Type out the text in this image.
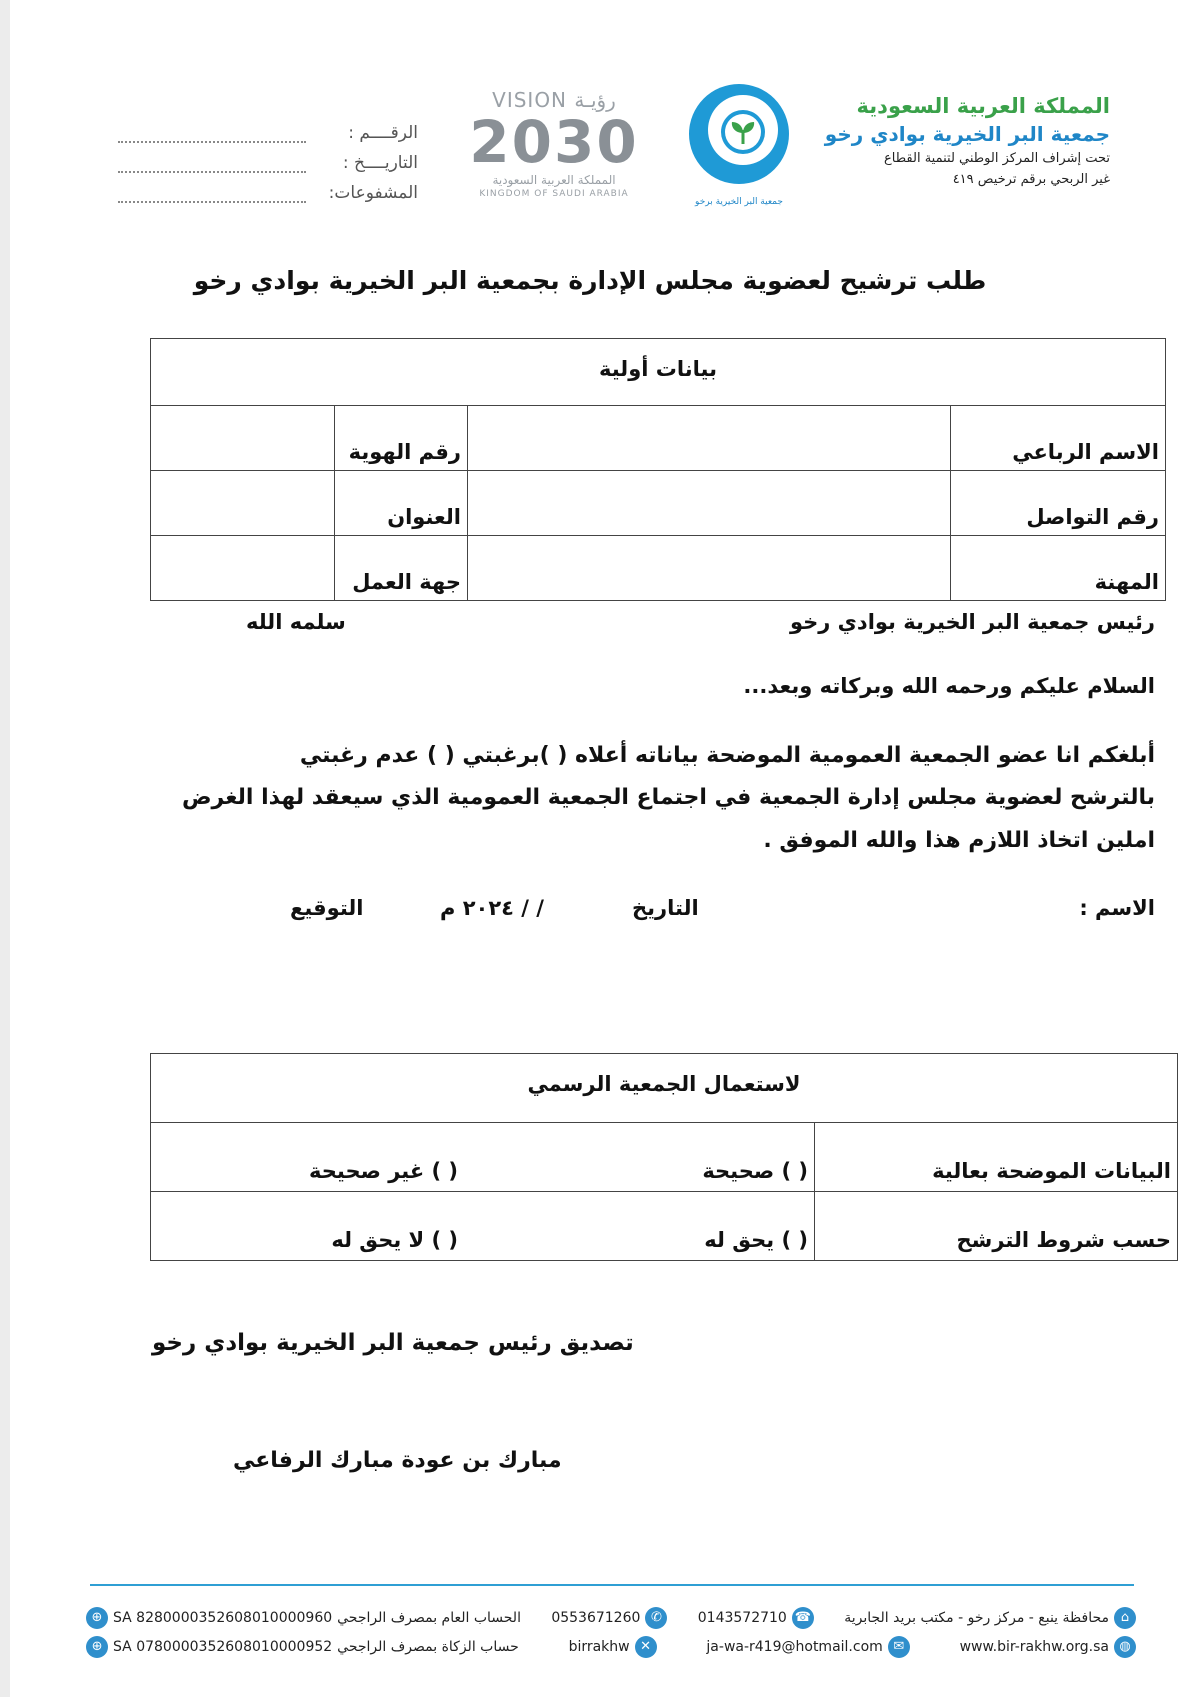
المملكة العربية السعودية
جمعية البر الخيرية بوادي رخو
تحت إشراف المركز الوطني لتنمية القطاع
غير الربحي برقم ترخيص ٤١٩
جمعية البر الخيرية برخو
VISION رؤيـة
2030
المملكة العربية السعودية
KINGDOM OF SAUDI ARABIA
الرقــــم :
التاريــــخ :
المشفوعات:
طلب ترشيح لعضوية مجلس الإدارة بجمعية البر الخيرية بوادي رخو
بيانات أولية			
الاسم الرباعي		رقم الهوية	
رقم التواصل		العنوان	
المهنة		جهة العمل	
رئيس جمعية البر الخيرية بوادي رخو
سلمه الله
السلام عليكم ورحمه الله وبركاته وبعد...
أبلغكم انا عضو الجمعية العمومية الموضحة بياناته أعلاه ( )برغبتي ( ) عدم رغبتي
بالترشح لعضوية مجلس إدارة الجمعية في اجتماع الجمعية العمومية الذي سيعقد لهذا الغرض
املين اتخاذ اللازم هذا والله الموفق .
الاسم :
التاريخ
/ / ٢٠٢٤ م
التوقيع
لاستعمال الجمعية الرسمي		
البيانات الموضحة بعالية	( ) صحيحة	( ) غير صحيحة
حسب شروط الترشح	( ) يحق له	( ) لا يحق له
تصديق رئيس جمعية البر الخيرية بوادي رخو
مبارك بن عودة مبارك الرفاعي
⌂
محافظة ينبع - مركز رخو - مكتب بريد الجابرية
☎
0143572710
✆
0553671260
الحساب العام بمصرف الراجحي
SA 8280000352608010000960
⊕
◍
www.bir-rakhw.org.sa
✉
ja-wa-r419@hotmail.com
✕
birrakhw
حساب الزكاة بمصرف الراجحي
SA 0780000352608010000952
⊕
